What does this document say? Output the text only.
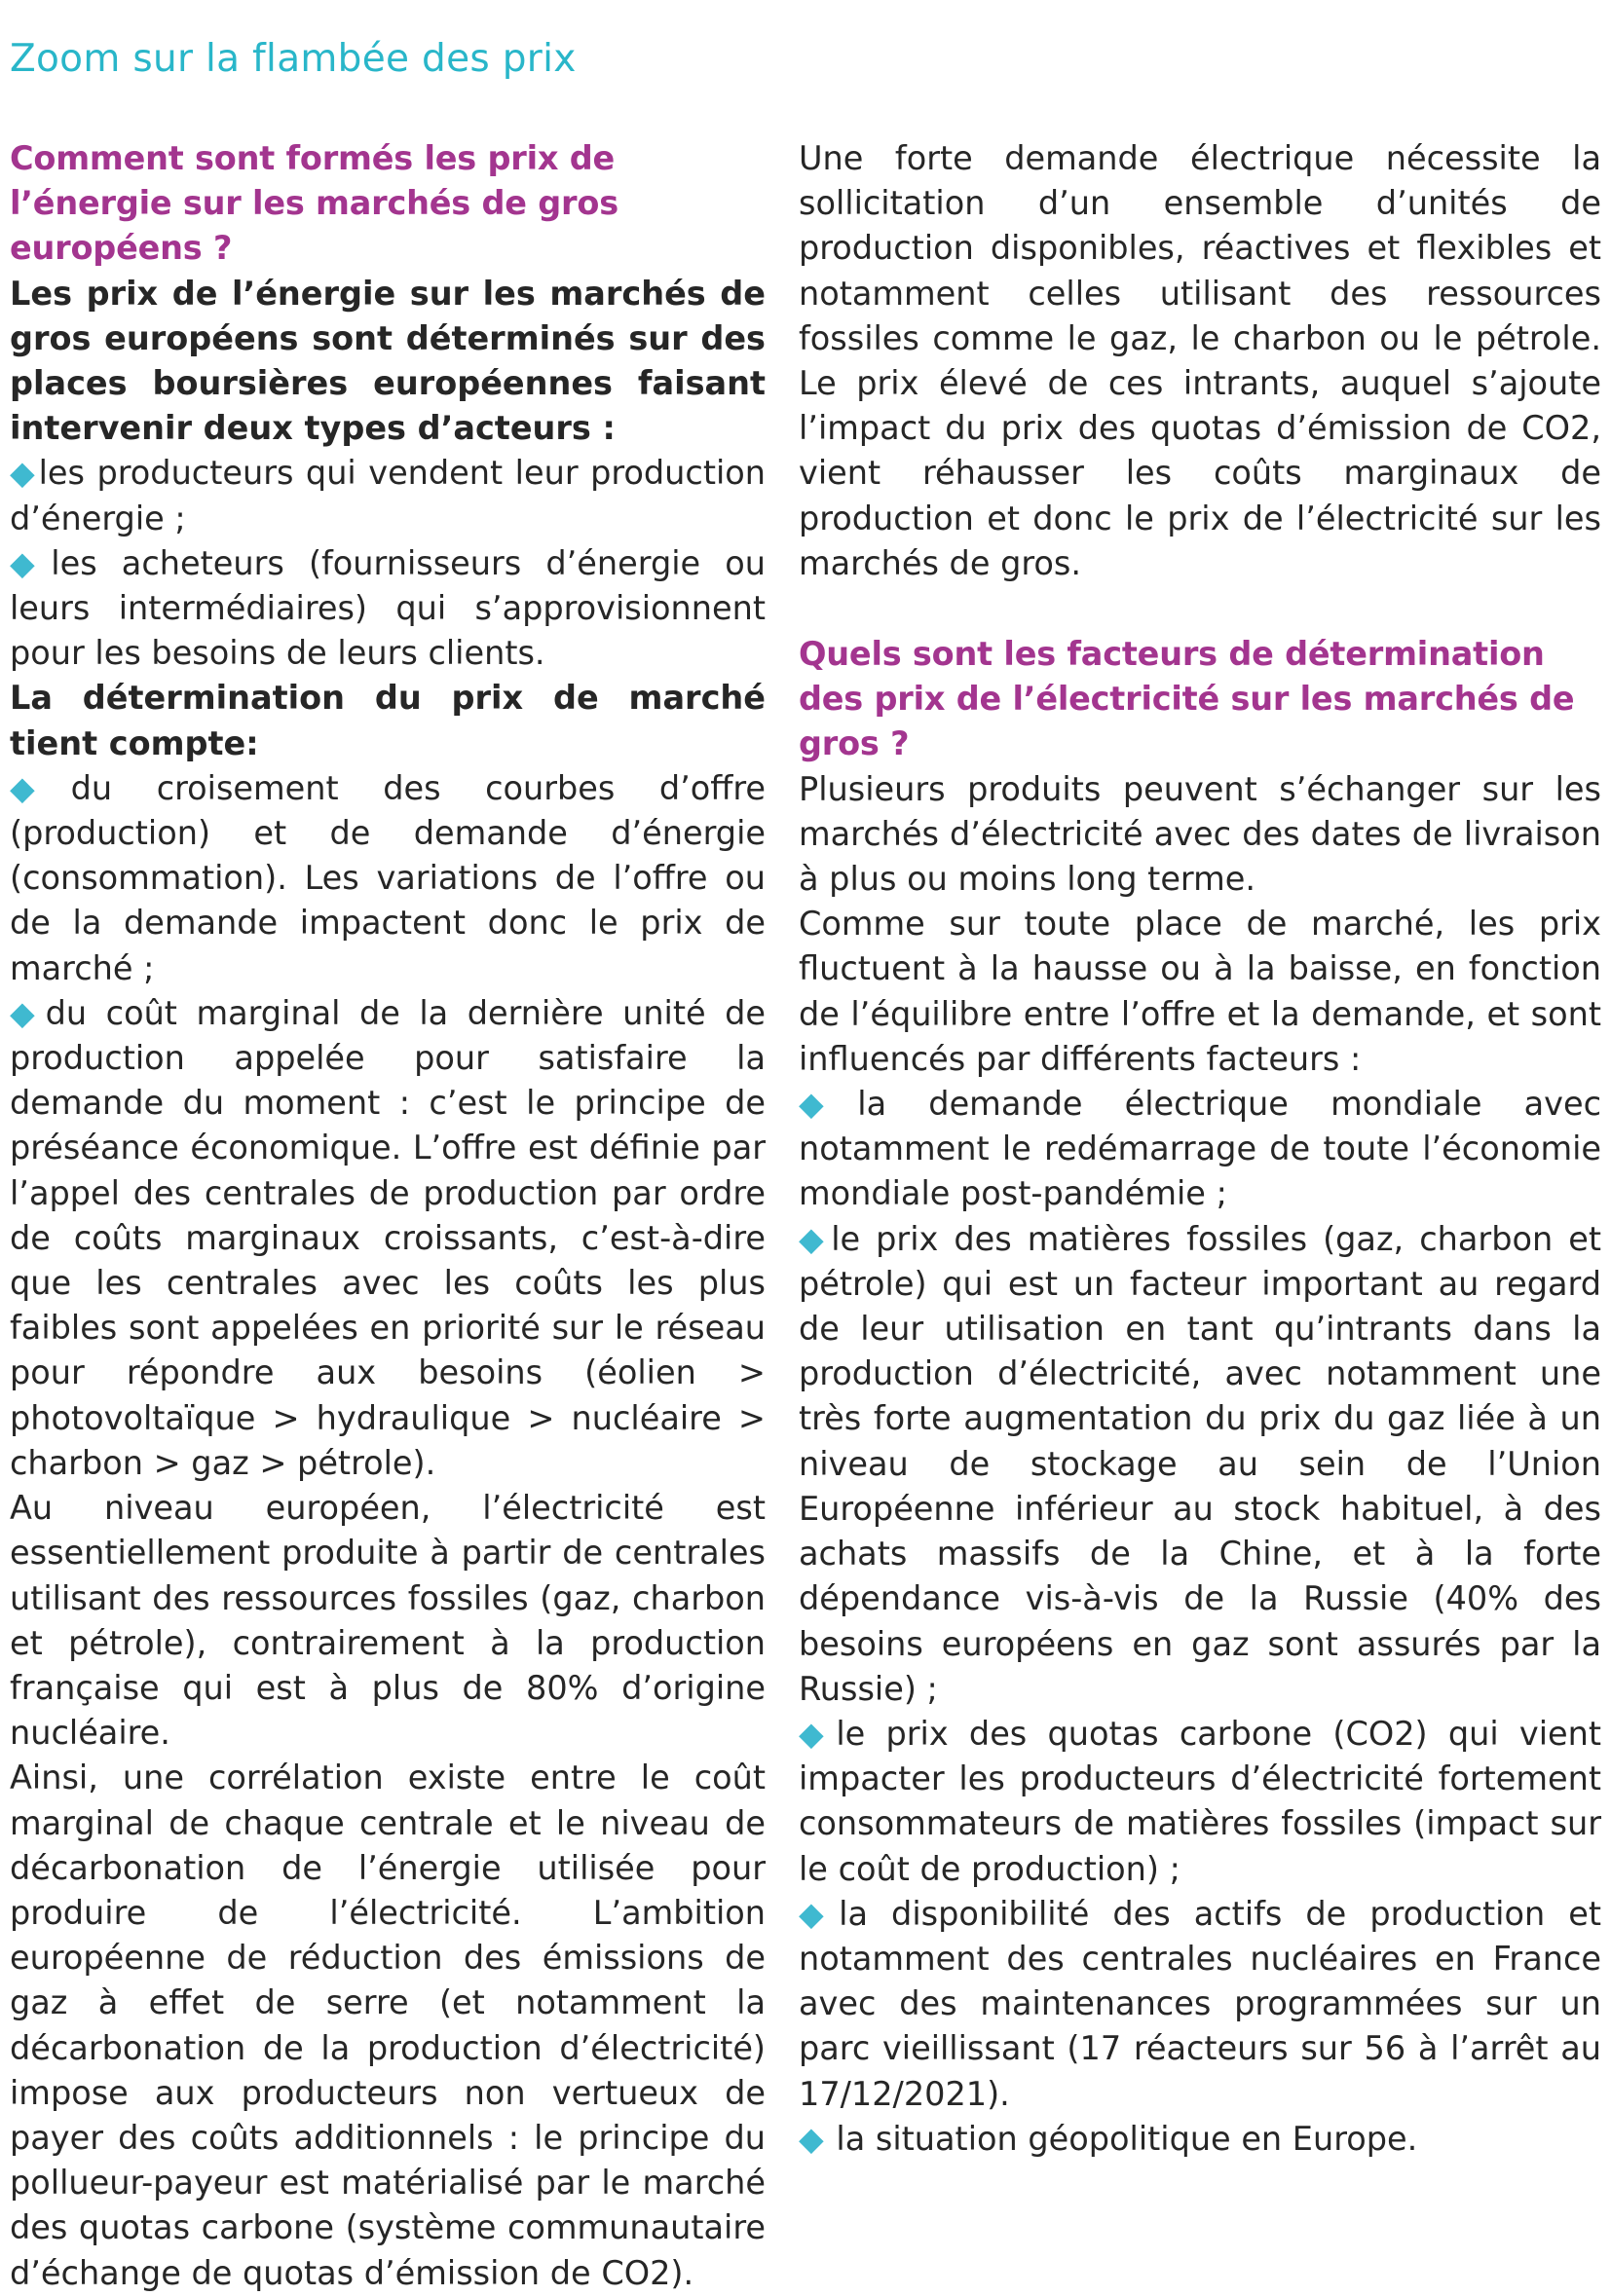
Zoom sur la flambée des prix
Comment sont formés les prix de l’énergie sur les marchés de gros européens ?

Les prix de l’énergie sur les marchés de gros européens sont déterminés sur des places boursières européennes faisant intervenir deux types d’acteurs :

◆ les producteurs qui vendent leur production d’énergie ;

◆ les acheteurs (fournisseurs d’énergie ou leurs intermédiaires) qui s’approvisionnent pour les besoins de leurs clients.

La détermination du prix de marché tient compte:

◆ du croisement des courbes d’offre (production) et de demande d’énergie (consommation). Les variations de l’offre ou de la demande impactent donc le prix de marché ;

◆ du coût marginal de la dernière unité de production appelée pour satisfaire la demande du moment : c’est le principe de préséance économique. L’offre est définie par l’appel des centrales de production par ordre de coûts marginaux croissants, c’est-à-dire que les centrales avec les coûts les plus faibles sont appelées en priorité sur le réseau pour répondre aux besoins (éolien > photovoltaïque > hydraulique > nucléaire > charbon > gaz > pétrole).

Au niveau européen, l’électricité est essentiellement produite à partir de centrales utilisant des ressources fossiles (gaz, charbon et pétrole), contrairement à la production française qui est à plus de 80% d’origine nucléaire.

Ainsi, une corrélation existe entre le coût marginal de chaque centrale et le niveau de décarbonation de l’énergie utilisée pour produire de l’électricité. L’ambition européenne de réduction des émissions de gaz à effet de serre (et notamment la décarbonation de la production d’électricité) impose aux producteurs non vertueux de payer des coûts additionnels : le principe du pollueur-payeur est matérialisé par le marché des quotas carbone (système communautaire d’échange de quotas d’émission de CO2).

Une forte demande électrique nécessite la sollicitation d’un ensemble d’unités de production disponibles, réactives et flexibles et notamment celles utilisant des ressources fossiles comme le gaz, le charbon ou le pétrole. Le prix élevé de ces intrants, auquel s’ajoute l’impact du prix des quotas d’émission de CO2, vient réhausser les coûts marginaux de production et donc le prix de l’électricité sur les marchés de gros.

Quels sont les facteurs de détermination des prix de l’électricité sur les marchés de gros ?

Plusieurs produits peuvent s’échanger sur les marchés d’électricité avec des dates de livraison à plus ou moins long terme.

Comme sur toute place de marché, les prix fluctuent à la hausse ou à la baisse, en fonction de l’équilibre entre l’offre et la demande, et sont influencés par différents facteurs :

◆ la demande électrique mondiale avec notamment le redémarrage de toute l’économie mondiale post-pandémie ;

◆ le prix des matières fossiles (gaz, charbon et pétrole) qui est un facteur important au regard de leur utilisation en tant qu’intrants dans la production d’électricité, avec notamment une très forte augmentation du prix du gaz liée à un niveau de stockage au sein de l’Union Européenne inférieur au stock habituel, à des achats massifs de la Chine, et à la forte dépendance vis-à-vis de la Russie (40% des besoins européens en gaz sont assurés par la Russie) ;

◆ le prix des quotas carbone (CO2) qui vient impacter les producteurs d’électricité fortement consommateurs de matières fossiles (impact sur le coût de production) ;

◆ la disponibilité des actifs de production et notamment des centrales nucléaires en France avec des maintenances programmées sur un parc vieillissant (17 réacteurs sur 56 à l’arrêt au 17/12/2021).

◆ la situation géopolitique en Europe.
